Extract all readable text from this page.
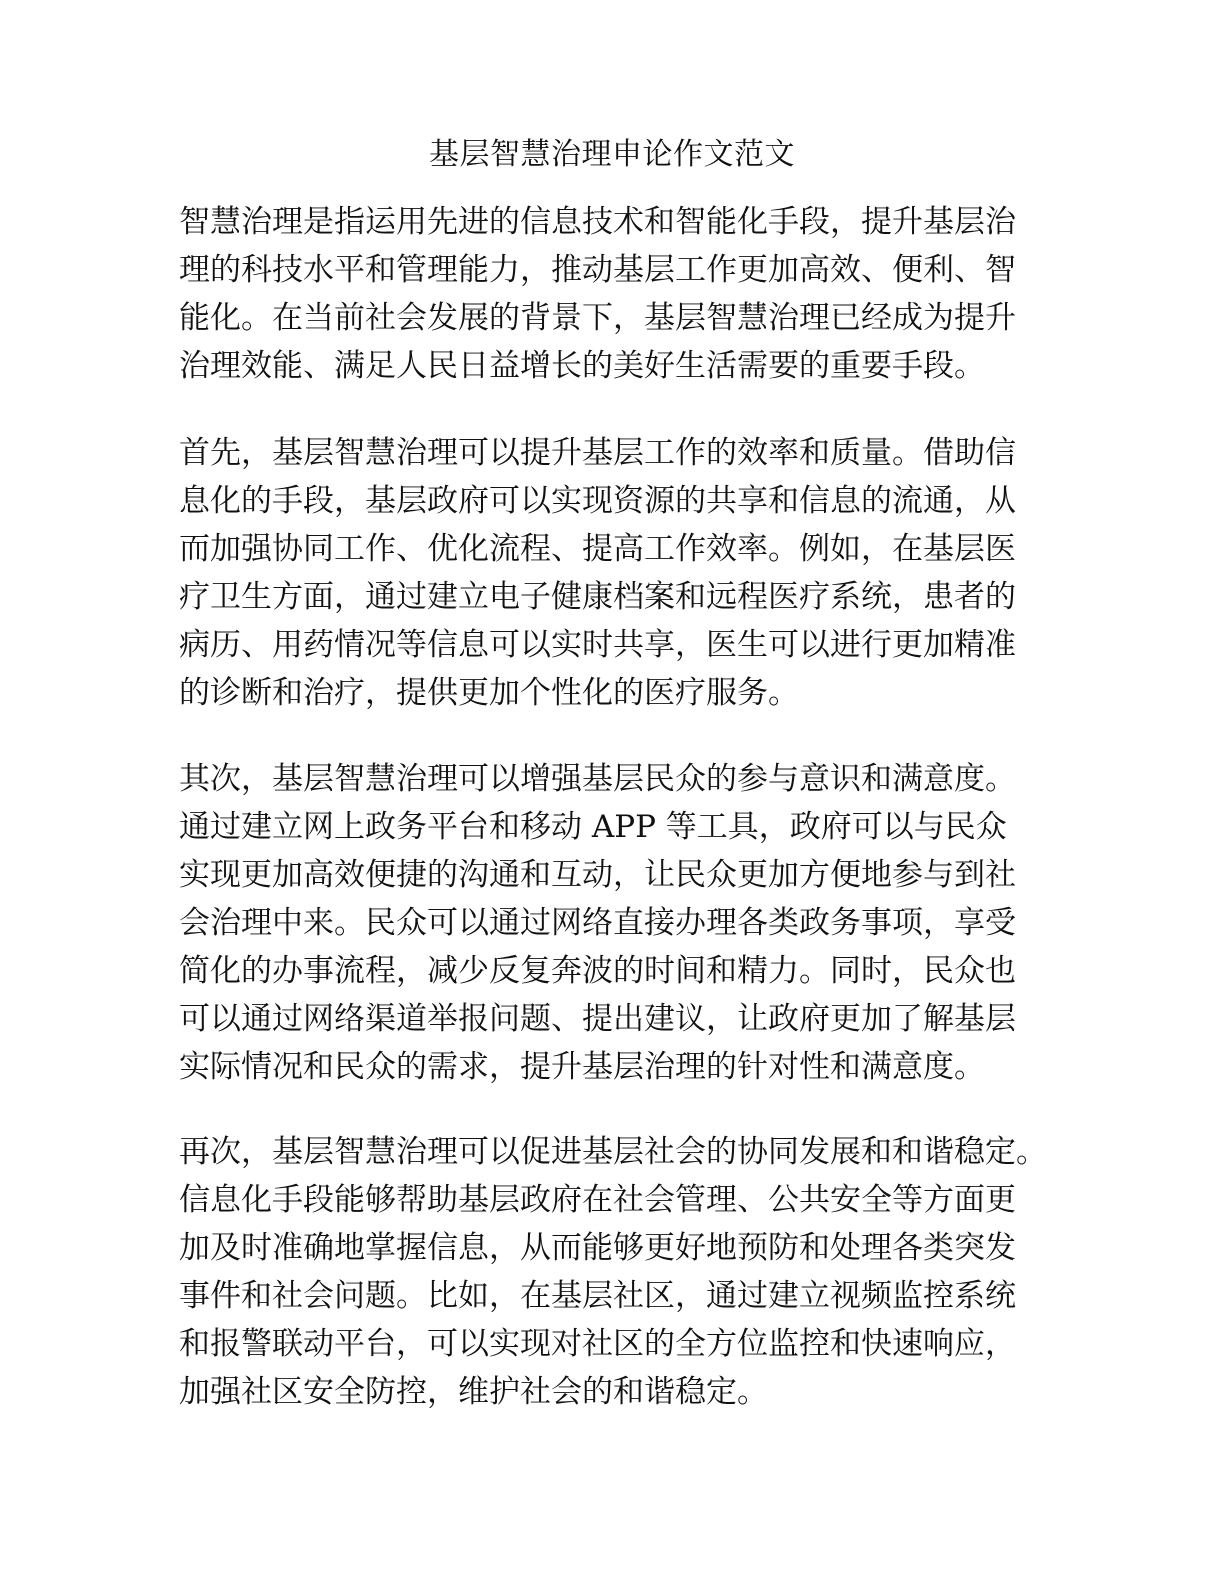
基层智慧治理申论作文范文
智慧治理是指运用先进的信息技术和智能化手段，提升基层治
理的科技水平和管理能力，推动基层工作更加高效、便利、智
能化。在当前社会发展的背景下，基层智慧治理已经成为提升
治理效能、满足人民日益增长的美好生活需要的重要手段。
首先，基层智慧治理可以提升基层工作的效率和质量。借助信
息化的手段，基层政府可以实现资源的共享和信息的流通，从
而加强协同工作、优化流程、提高工作效率。例如，在基层医
疗卫生方面，通过建立电子健康档案和远程医疗系统，患者的
病历、用药情况等信息可以实时共享，医生可以进行更加精准
的诊断和治疗，提供更加个性化的医疗服务。
其次，基层智慧治理可以增强基层民众的参与意识和满意度。
通过建立网上政务平台和移动 APP 等工具，政府可以与民众
实现更加高效便捷的沟通和互动，让民众更加方便地参与到社
会治理中来。民众可以通过网络直接办理各类政务事项，享受
简化的办事流程，减少反复奔波的时间和精力。同时，民众也
可以通过网络渠道举报问题、提出建议，让政府更加了解基层
实际情况和民众的需求，提升基层治理的针对性和满意度。
再次，基层智慧治理可以促进基层社会的协同发展和和谐稳定。
信息化手段能够帮助基层政府在社会管理、公共安全等方面更
加及时准确地掌握信息，从而能够更好地预防和处理各类突发
事件和社会问题。比如，在基层社区，通过建立视频监控系统
和报警联动平台，可以实现对社区的全方位监控和快速响应，
加强社区安全防控，维护社会的和谐稳定。
